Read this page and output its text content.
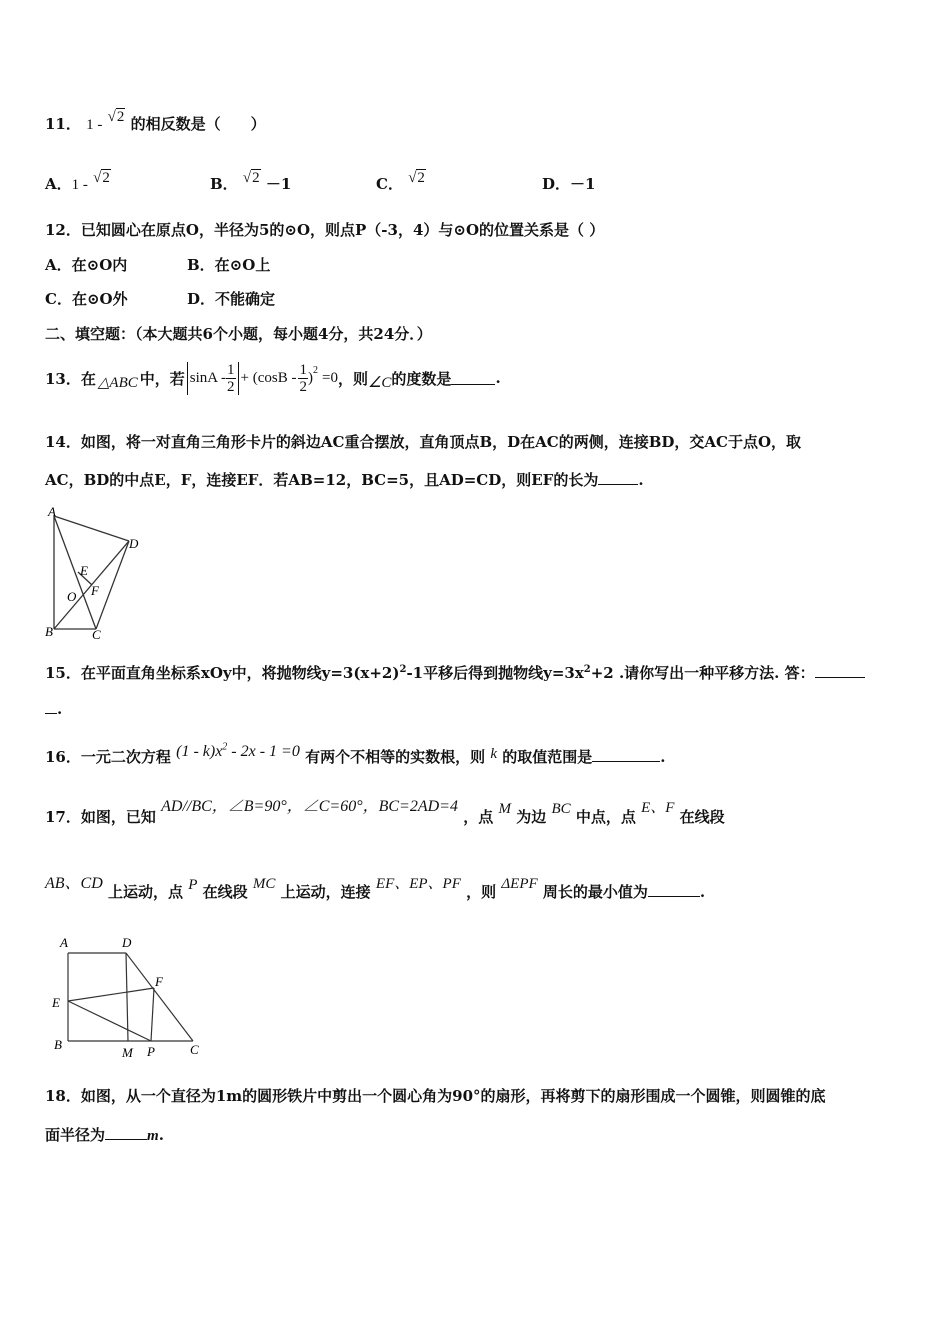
11． 1 - √2 的相反数是（　　）
A．1 - √2	B． √2 －1	C． √2	D．－1
12．已知圆心在原点O，半径为5的⊙O，则点P（-3，4）与⊙O的位置关系是（ ）
A．在⊙O内	B．在⊙O上
C．在⊙O外	D．不能确定
二、填空题：（本大题共6个小题，每小题4分，共24分．）
13．在 △ABC 中，若 $\sin A - \frac{1}{2} + (\cos B - \frac{1}{2} )^2 =0$ ，则 ∠C 的度数是	.
14．如图，将一对直角三角形卡片的斜边AC重合摆放，直角顶点B，D在AC的两侧，连接BD，交AC于点O，取
AC，BD的中点E，F，连接EF．若AB=12，BC=5，且AD=CD，则EF的长为	.
A
D
E
O F
B	C
15．在平面直角坐标系xOy中，将抛物线$y=3(x+2)^2-1$平移后得到抛物线$y=3x^2+2$ .请你写出一种平移方法. 答：
.
16．一元二次方程 $(1 - k)x^2 - 2x - 1 =0$ 有两个不相等的实数根，则 k 的取值范围是	.
17．如图，已知 AD//BC，∠B=90°，∠C=60°，BC=2AD=4 ，点 M 为边 BC 中点，点 E、F 在线段
AB、CD 上运动，点 P 在线段 MC 上运动，连接 EF、EP、PF ，则 ΔEPF 周长的最小值为	.
A	D
F
E
B
M P	C
18．如图，从一个直径为1m的圆形铁片中剪出一个圆心角为90°的扇形，再将剪下的扇形围成一个圆锥，则圆锥的底
面半径为	m.
